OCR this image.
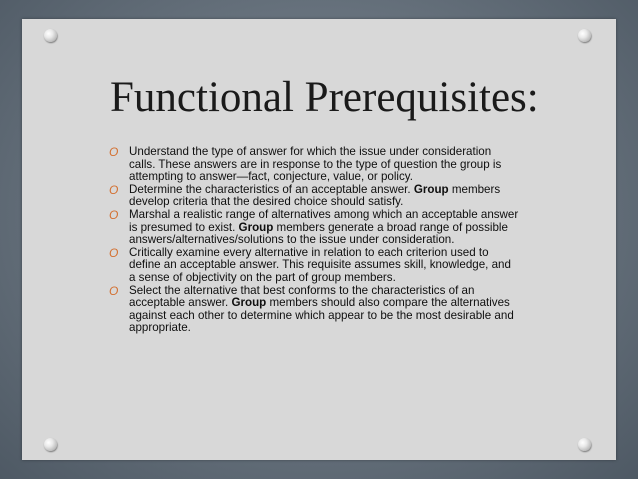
Functional Prerequisites:
O Understand the type of answer for which the issue under consideration calls. These answers are in response to the type of question the group is attempting to answer—fact, conjecture, value, or policy.
O Determine the characteristics of an acceptable answer. Group members develop criteria that the desired choice should satisfy.
O Marshal a realistic range of alternatives among which an acceptable answer is presumed to exist. Group members generate a broad range of possible answers/alternatives/solutions to the issue under consideration.
O Critically examine every alternative in relation to each criterion used to define an acceptable answer. This requisite assumes skill, knowledge, and a sense of objectivity on the part of group members.
O Select the alternative that best conforms to the characteristics of an acceptable answer. Group members should also compare the alternatives against each other to determine which appear to be the most desirable and appropriate.
